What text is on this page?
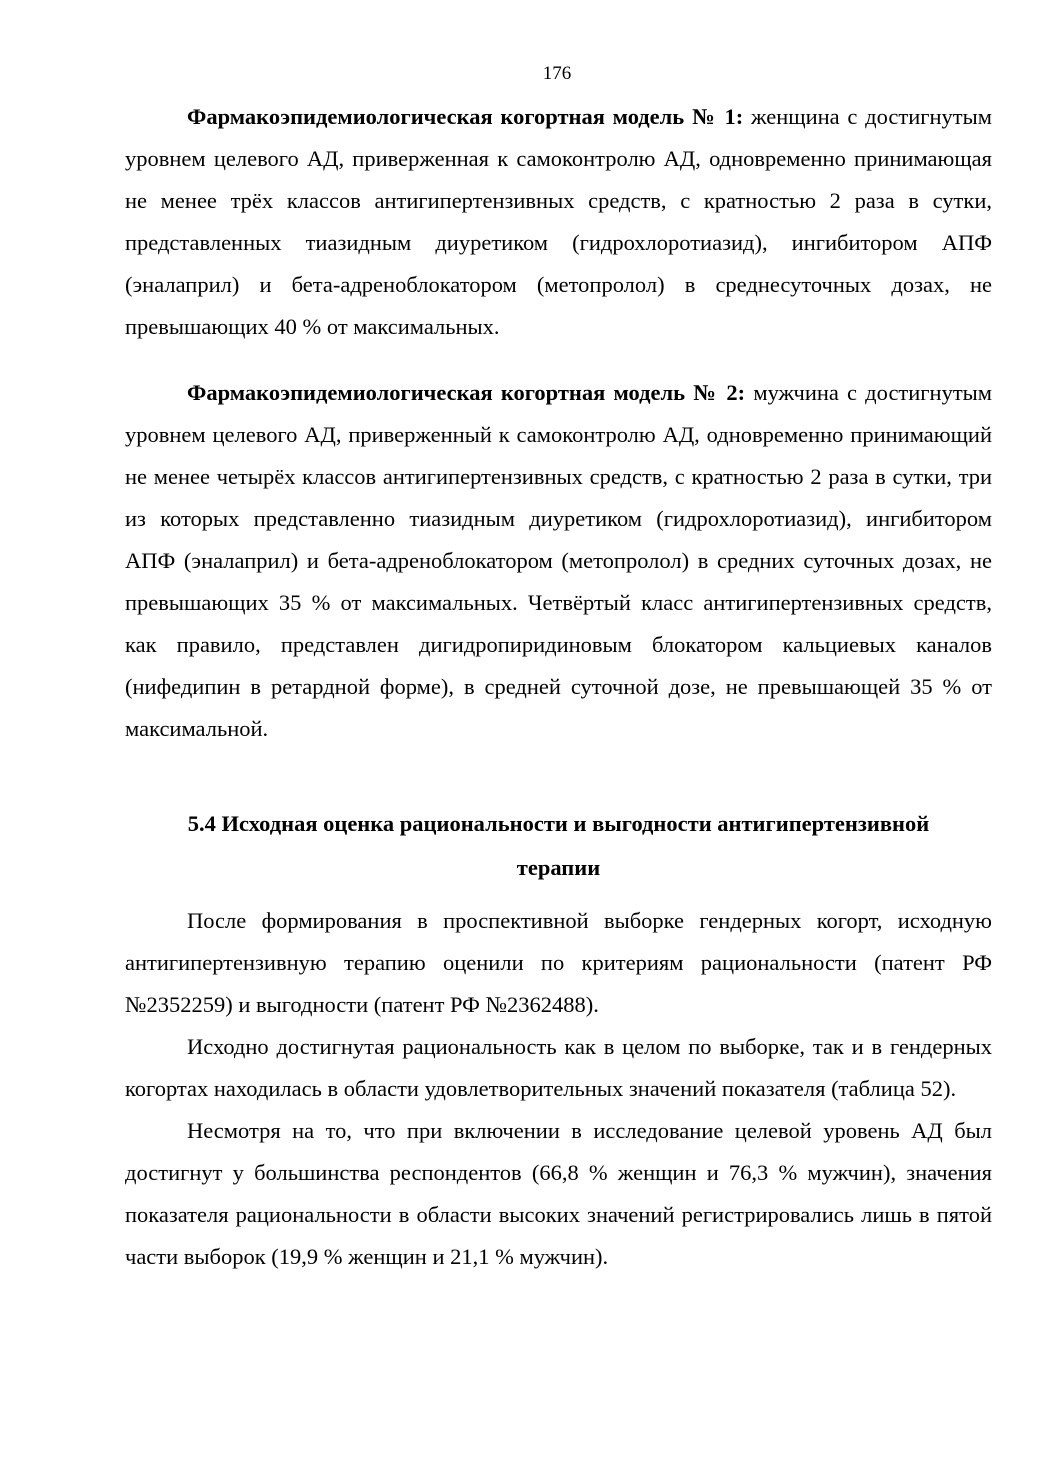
176

Фармакоэпидемиологическая когортная модель № 1: женщина с достигнутым уровнем целевого АД, приверженная к самоконтролю АД, одновременно принимающая не менее трёх классов антигипертензивных средств, с кратностью 2 раза в сутки, представленных тиазидным диуретиком (гидрохлоротиазид), ингибитором АПФ (эналаприл) и бета-адреноблокатором (метопролол) в среднесуточных дозах, не превышающих 40 % от максимальных.

Фармакоэпидемиологическая когортная модель № 2: мужчина с достигнутым уровнем целевого АД, приверженный к самоконтролю АД, одновременно принимающий не менее четырёх классов антигипертензивных средств, с кратностью 2 раза в сутки, три из которых представленно тиазидным диуретиком (гидрохлоротиазид), ингибитором АПФ (эналаприл) и бета-адреноблокатором (метопролол) в средних суточных дозах, не превышающих 35 % от максимальных. Четвёртый класс антигипертензивных средств, как правило, представлен дигидропиридиновым блокатором кальциевых каналов (нифедипин в ретардной форме), в средней суточной дозе, не превышающей 35 % от максимальной.

5.4 Исходная оценка рациональности и выгодности антигипертензивной
терапии

После формирования в проспективной выборке гендерных когорт, исходную антигипертензивную терапию оценили по критериям рациональности (патент РФ №2352259) и выгодности (патент РФ №2362488).

Исходно достигнутая рациональность как в целом по выборке, так и в гендерных когортах находилась в области удовлетворительных значений показателя (таблица 52).

Несмотря на то, что при включении в исследование целевой уровень АД был достигнут у большинства респондентов (66,8 % женщин и 76,3 % мужчин), значения показателя рациональности в области высоких значений регистрировались лишь в пятой части выборок (19,9 % женщин и 21,1 % мужчин).
